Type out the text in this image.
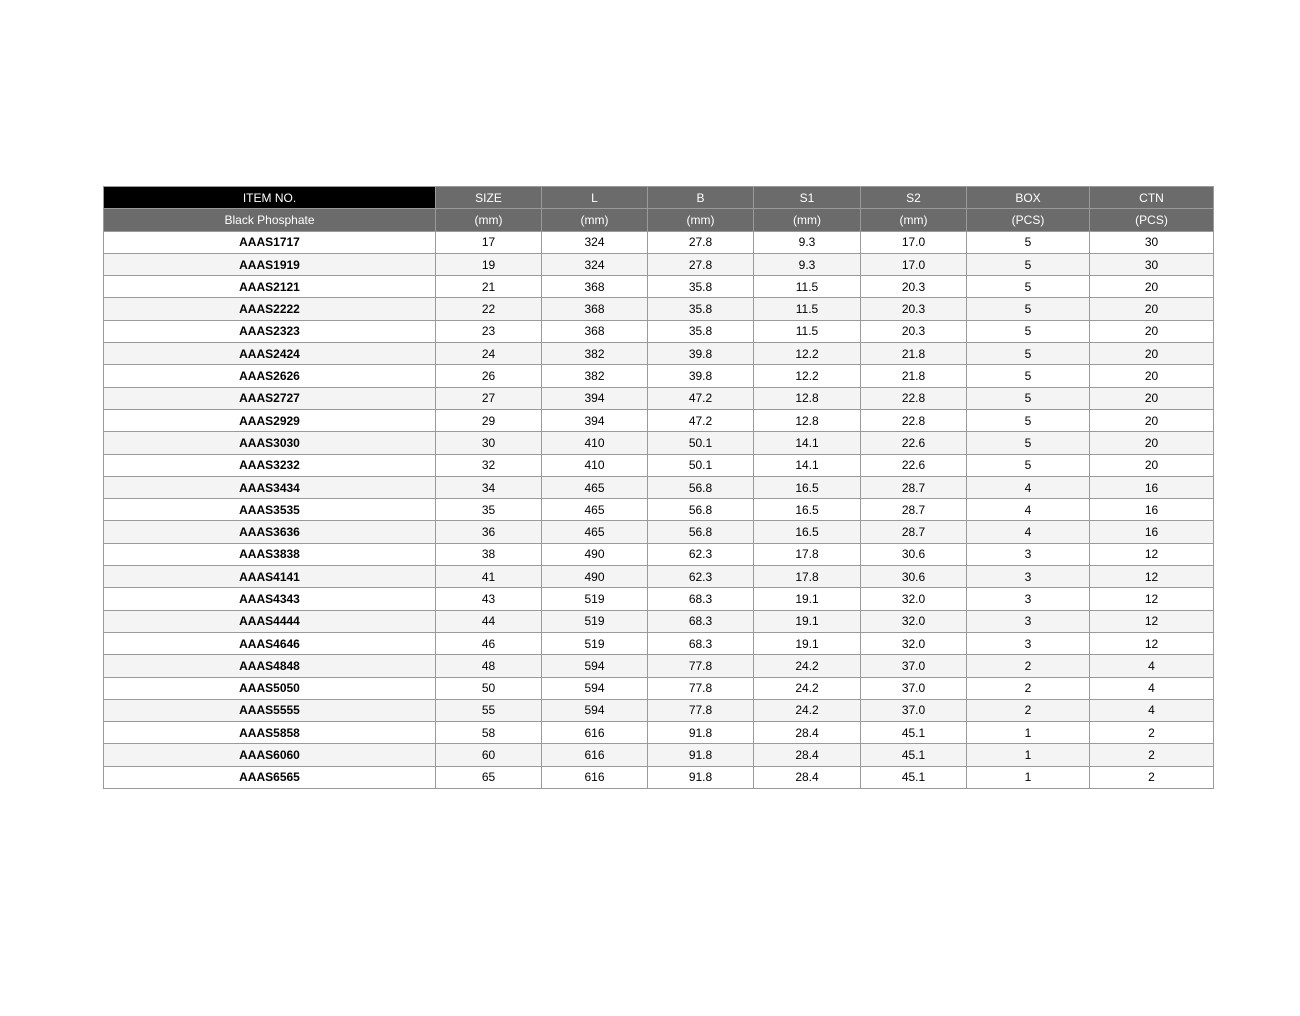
ITEM NO.	SIZE	L	B	S1	S2	BOX	CTN
Black Phosphate	(mm)	(mm)	(mm)	(mm)	(mm)	(PCS)	(PCS)
AAAS1717	17	324	27.8	9.3	17.0	5	30
AAAS1919	19	324	27.8	9.3	17.0	5	30
AAAS2121	21	368	35.8	11.5	20.3	5	20
AAAS2222	22	368	35.8	11.5	20.3	5	20
AAAS2323	23	368	35.8	11.5	20.3	5	20
AAAS2424	24	382	39.8	12.2	21.8	5	20
AAAS2626	26	382	39.8	12.2	21.8	5	20
AAAS2727	27	394	47.2	12.8	22.8	5	20
AAAS2929	29	394	47.2	12.8	22.8	5	20
AAAS3030	30	410	50.1	14.1	22.6	5	20
AAAS3232	32	410	50.1	14.1	22.6	5	20
AAAS3434	34	465	56.8	16.5	28.7	4	16
AAAS3535	35	465	56.8	16.5	28.7	4	16
AAAS3636	36	465	56.8	16.5	28.7	4	16
AAAS3838	38	490	62.3	17.8	30.6	3	12
AAAS4141	41	490	62.3	17.8	30.6	3	12
AAAS4343	43	519	68.3	19.1	32.0	3	12
AAAS4444	44	519	68.3	19.1	32.0	3	12
AAAS4646	46	519	68.3	19.1	32.0	3	12
AAAS4848	48	594	77.8	24.2	37.0	2	4
AAAS5050	50	594	77.8	24.2	37.0	2	4
AAAS5555	55	594	77.8	24.2	37.0	2	4
AAAS5858	58	616	91.8	28.4	45.1	1	2
AAAS6060	60	616	91.8	28.4	45.1	1	2
AAAS6565	65	616	91.8	28.4	45.1	1	2
